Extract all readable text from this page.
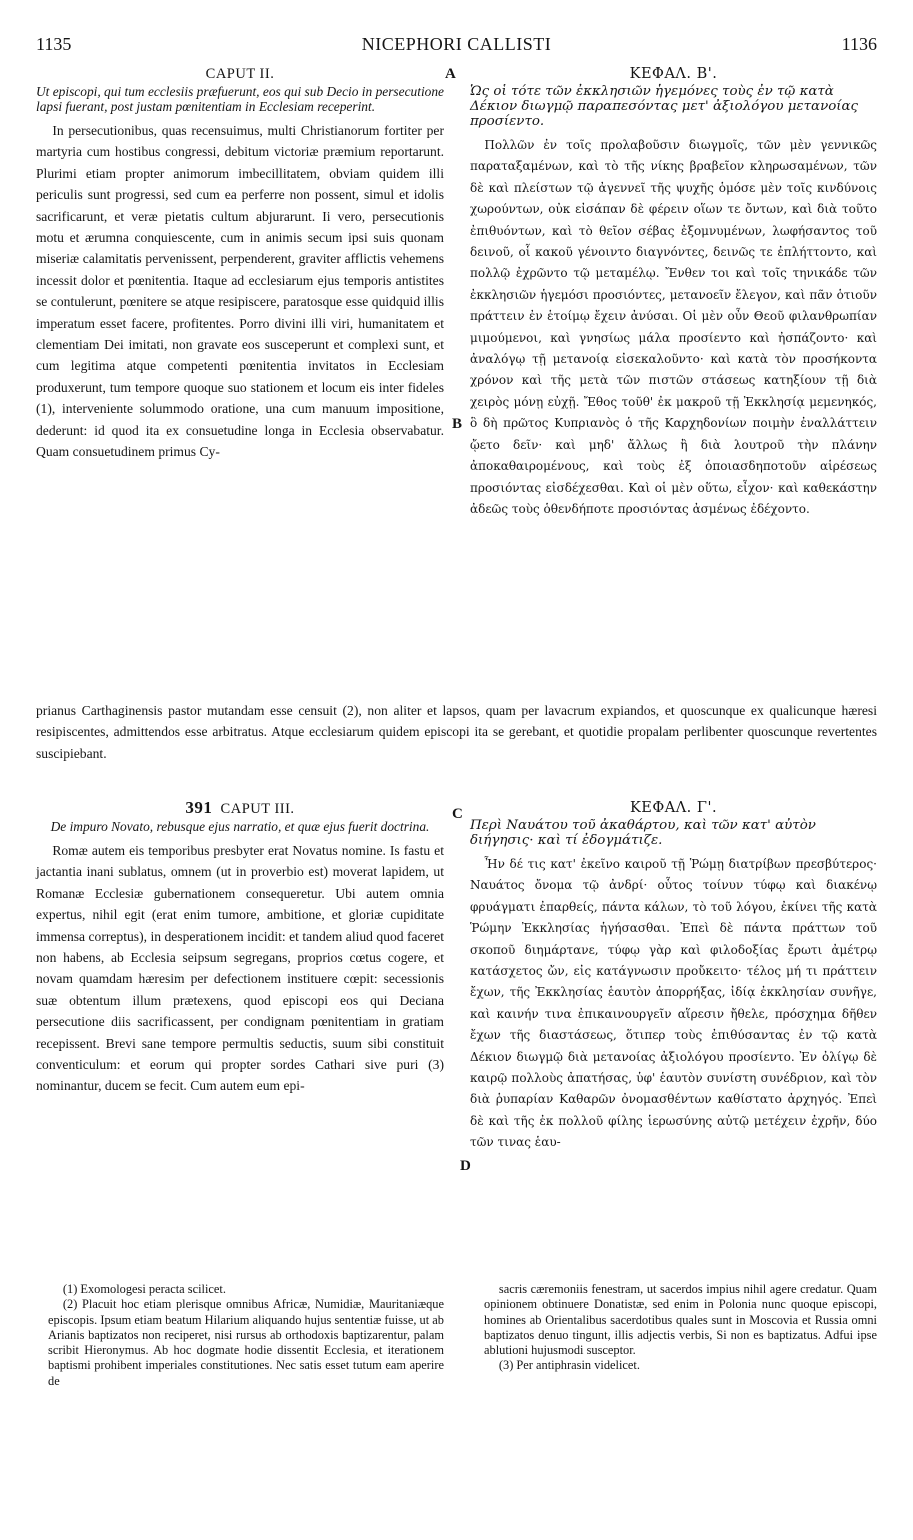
1135	NICEPHORI CALLISTI	1136
A
B
C
D
CAPUT II.
Ut episcopi, qui tum ecclesiis præfuerunt, eos qui sub Decio in persecutione lapsi fuerant, post justam pœnitentiam in Ecclesiam receperint.

In persecutionibus, quas recensuimus, multi Christianorum fortiter per martyria cum hostibus congressi, debitum victoriæ præmium reportarunt. Plurimi etiam propter animorum imbecillitatem, obviam quidem illi periculis sunt progressi, sed cum ea perferre non possent, simul et idolis sacrificarunt, et veræ pietatis cultum abjurarunt. Ii vero, persecutionis motu et ærumna conquiescente, cum in animis secum ipsi suis quonam miseriæ calamitatis pervenissent, perpenderent, graviter afflictis vehemens incessit dolor et pœnitentia. Itaque ad ecclesiarum ejus temporis antistites se contulerunt, pœnitere se atque resipiscere, paratosque esse quidquid illis imperatum esset facere, profitentes. Porro divini illi viri, humanitatem et clementiam Dei imitati, non gravate eos susceperunt et complexi sunt, et cum legitima atque competenti pœnitentia invitatos in Ecclesiam produxerunt, tum tempore quoque suo stationem et locum eis inter fideles (1), interveniente solummodo oratione, una cum manuum impositione, dederunt: id quod ita ex consuetudine longa in Ecclesia observabatur. Quam consuetudinem primus Cy-

ΚΕΦΑΛ. Β'.
Ὡς οἱ τότε τῶν ἐκκλησιῶν ἡγεμόνες τοὺς ἐν τῷ κατὰ Δέκιον διωγμῷ παραπεσόντας μετ' ἀξιολόγου μετανοίας προσίεντο.

Πολλῶν ἐν τοῖς προλαβοῦσιν διωγμοῖς, τῶν μὲν γεννικῶς παραταξαμένων, καὶ τὸ τῆς νίκης βραβεῖον κληρωσαμένων, τῶν δὲ καὶ πλείστων τῷ ἀγεννεῖ τῆς ψυχῆς ὁμόσε μὲν τοῖς κινδύνοις χωρούντων, οὐκ εἰσάπαν δὲ φέρειν οἵων τε ὄντων, καὶ διὰ τοῦτο ἐπιθυόντων, καὶ τὸ θεῖον σέβας ἐξομνυμένων, λωφήσαντος τοῦ δεινοῦ, οἷ κακοῦ γένοιντο διαγνόντες, δεινῶς τε ἐπλήττοντο, καὶ πολλῷ ἐχρῶντο τῷ μεταμέλῳ. Ἔνθεν τοι καὶ τοῖς τηνικάδε τῶν ἐκκλησιῶν ἡγεμόσι προσιόντες, μετανοεῖν ἔλεγον, καὶ πᾶν ὁτιοῦν πράττειν ἐν ἑτοίμῳ ἔχειν ἀνύσαι. Οἱ μὲν οὖν Θεοῦ φιλανθρωπίαν μιμούμενοι, καὶ γνησίως μάλα προσίεντο καὶ ἠσπάζοντο· καὶ ἀναλόγῳ τῇ μετανοίᾳ εἰσεκαλοῦντο· καὶ κατὰ τὸν προσήκοντα χρόνον καὶ τῆς μετὰ τῶν πιστῶν στάσεως κατηξίουν τῇ διὰ χειρὸς μόνῃ εὐχῇ. Ἔθος τοῦθ' ἐκ μακροῦ τῇ Ἐκκλησίᾳ μεμενηκός, ὃ δὴ πρῶτος Κυπριανὸς ὁ τῆς Καρχηδονίων ποιμὴν ἐναλλάττειν ᾤετο δεῖν· καὶ μηδ' ἄλλως ἢ διὰ λουτροῦ τὴν πλάνην ἀποκαθαιρομένους, καὶ τοὺς ἐξ ὁποιασδηποτοῦν αἱρέσεως προσιόντας εἰσδέχεσθαι. Καὶ οἱ μὲν οὕτω, εἶχον· καὶ καθεκάστην ἀδεῶς τοὺς ὁθενδήποτε προσιόντας ἀσμένως ἐδέχοντο.

prianus Carthaginensis pastor mutandam esse censuit (2), non aliter et lapsos, quam per lavacrum expiandos, et quoscunque ex qualicunque hæresi resipiscentes, admittendos esse arbitratus. Atque ecclesiarum quidem episcopi ita se gerebant, et quotidie propalam perlibenter quoscunque revertentes suscipiebant.
391 CAPUT III.
De impuro Novato, rebusque ejus narratio, et quæ ejus fuerit doctrina.

Romæ autem eis temporibus presbyter erat Novatus nomine. Is fastu et jactantia inani sublatus, omnem (ut in proverbio est) moverat lapidem, ut Romanæ Ecclesiæ gubernationem consequeretur. Ubi autem omnia expertus, nihil egit (erat enim tumore, ambitione, et gloriæ cupiditate immensa correptus), in desperationem incidit: et tandem aliud quod faceret non habens, ab Ecclesia seipsum segregans, proprios cœtus cogere, et novam quamdam hæresim per defectionem instituere cœpit: secessionis suæ obtentum illum prætexens, quod episcopi eos qui Deciana persecutione diis sacrificassent, per condignam pœnitentiam in gratiam recepissent. Brevi sane tempore permultis seductis, suum sibi constituit conventiculum: et eorum qui propter sordes Cathari sive puri (3) nominantur, ducem se fecit. Cum autem eum epi-

ΚΕΦΑΛ. Γ'.
Περὶ Ναυάτου τοῦ ἀκαθάρτου, καὶ τῶν κατ' αὐτὸν διήγησις· καὶ τί ἐδογμάτιζε.

Ἦν δέ τις κατ' ἐκεῖνο καιροῦ τῇ Ῥώμῃ διατρίβων πρεσβύτερος· Ναυάτος ὄνομα τῷ ἀνδρί· οὗτος τοίνυν τύφῳ καὶ διακένῳ φρυάγματι ἐπαρθείς, πάντα κάλων, τὸ τοῦ λόγου, ἐκίνει τῆς κατὰ Ῥώμην Ἐκκλησίας ἡγήσασθαι. Ἐπεὶ δὲ πάντα πράττων τοῦ σκοποῦ διημάρτανε, τύφῳ γὰρ καὶ φιλοδοξίας ἔρωτι ἀμέτρῳ κατάσχετος ὤν, εἰς κατάγνωσιν προὔκειτο· τέλος μή τι πράττειν ἔχων, τῆς Ἐκκλησίας ἑαυτὸν ἀπορρήξας, ἰδίᾳ ἐκκλησίαν συνῆγε, καὶ καινήν τινα ἐπικαινουργεῖν αἵρεσιν ἤθελε, πρόσχημα δῆθεν ἔχων τῆς διαστάσεως, ὅτιπερ τοὺς ἐπιθύσαντας ἐν τῷ κατὰ Δέκιον διωγμῷ διὰ μετανοίας ἀξιολόγου προσίεντο. Ἐν ὀλίγῳ δὲ καιρῷ πολλοὺς ἀπατήσας, ὑφ' ἑαυτὸν συνίστη συνέδριον, καὶ τὸν διὰ ῥυπαρίαν Καθαρῶν ὀνομασθέντων καθίστατο ἀρχηγός. Ἐπεὶ δὲ καὶ τῆς ἐκ πολλοῦ φίλης ἱερωσύνης αὐτῷ μετέχειν ἐχρῆν, δύο τῶν τινας ἑαυ-

(1) Exomologesi peracta scilicet.

(2) Placuit hoc etiam plerisque omnibus Africæ, Numidiæ, Mauritaniæque episcopis. Ipsum etiam beatum Hilarium aliquando hujus sententiæ fuisse, ut ab Arianis baptizatos non reciperet, nisi rursus ab orthodoxis baptizarentur, palam scribit Hieronymus. Ab hoc dogmate hodie dissentit Ecclesia, et iterationem baptismi prohibent imperiales constitutiones. Nec satis esset tutum eam aperire de

sacris cæremoniis fenestram, ut sacerdos impius nihil agere credatur. Quam opinionem obtinuere Donatistæ, sed enim in Polonia nunc quoque episcopi, homines ab Orientalibus sacerdotibus quales sunt in Moscovia et Russia omni baptizatos denuo tingunt, illis adjectis verbis, Si non es baptizatus. Adfui ipse ablutioni hujusmodi susceptor.

(3) Per antiphrasin videlicet.
